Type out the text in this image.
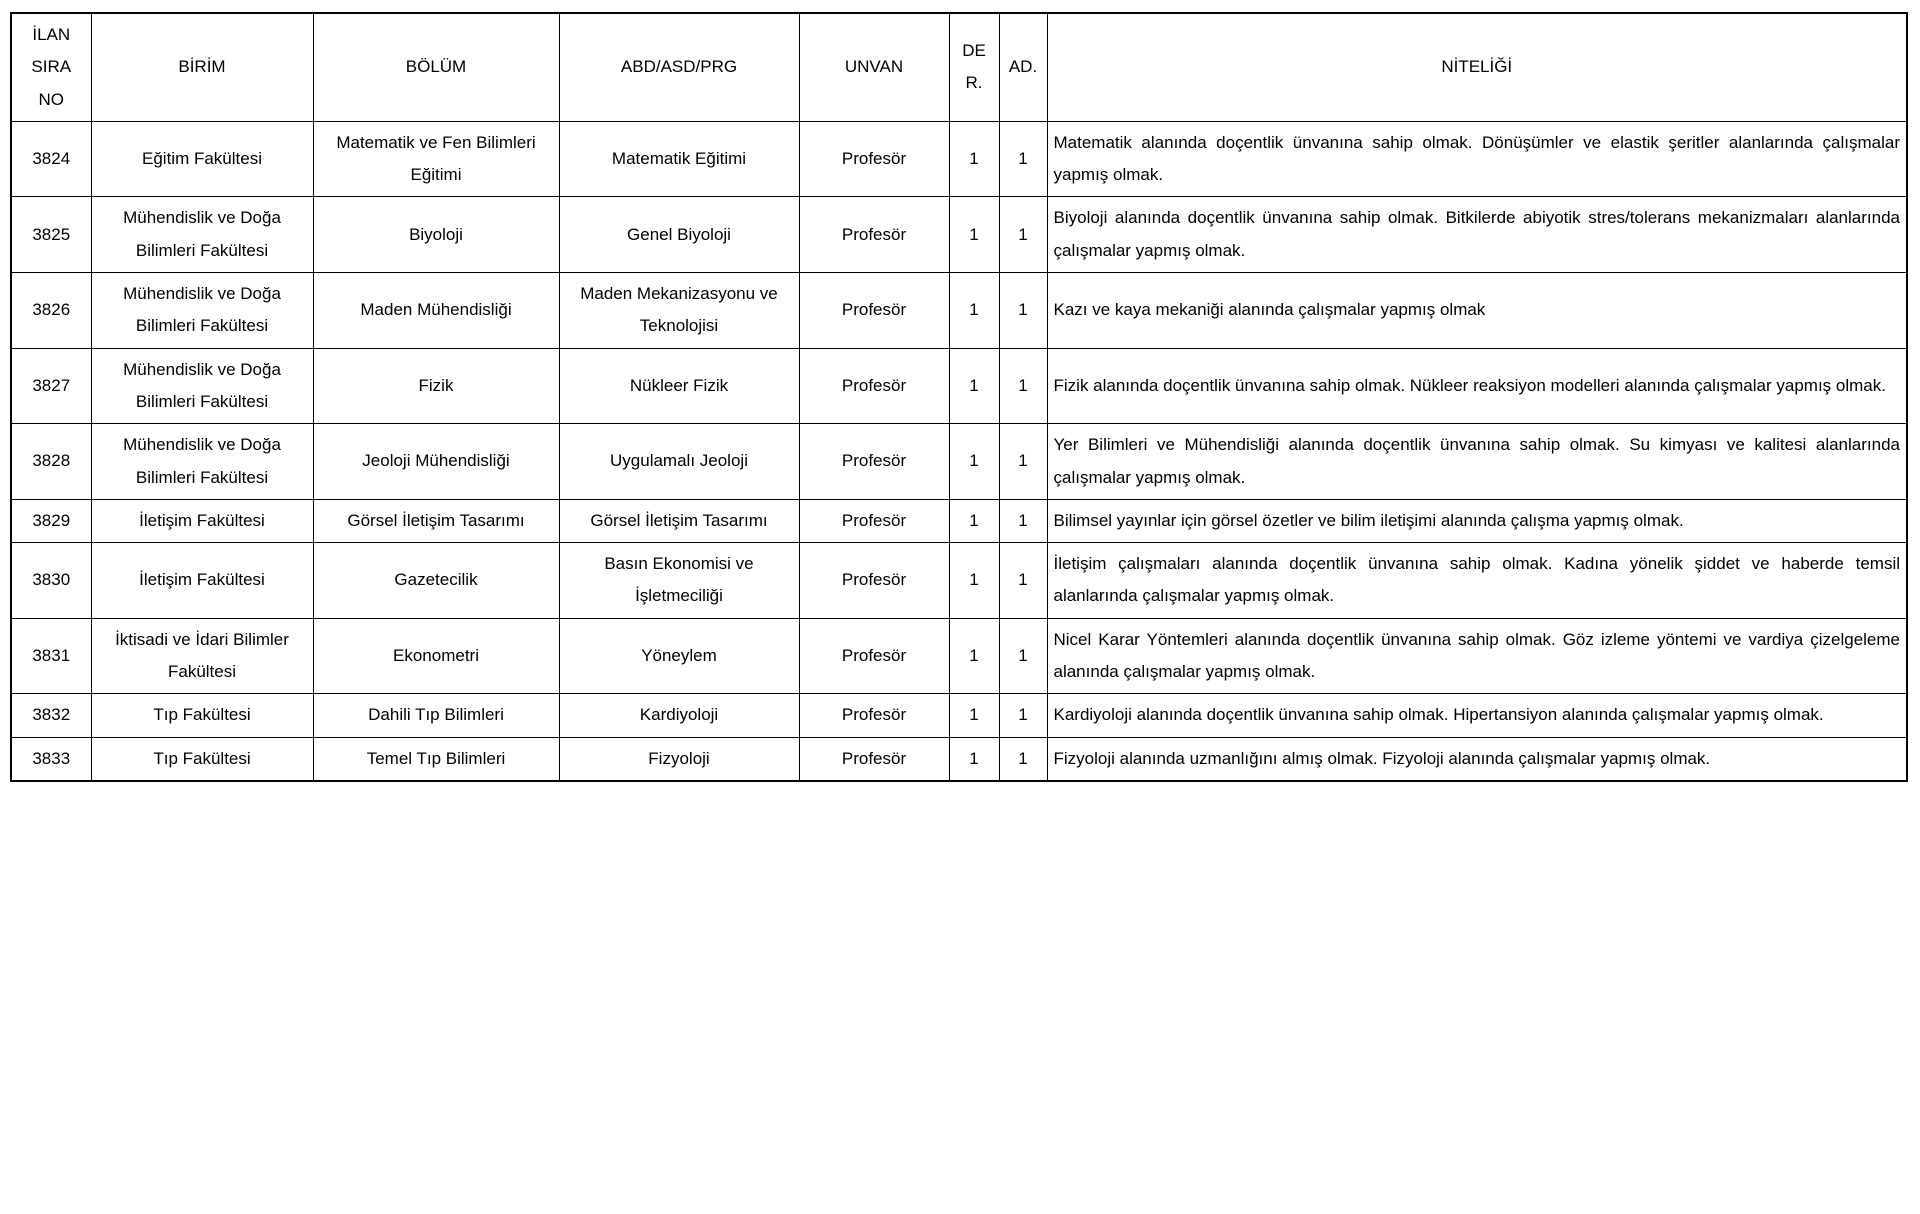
İLAN SIRA NO	BİRİM	BÖLÜM	ABD/ASD/PRG	UNVAN	DER.	AD.	NİTELİĞİ
3824	Eğitim Fakültesi	Matematik ve Fen Bilimleri Eğitimi	Matematik Eğitimi	Profesör	1	1	Matematik alanında doçentlik ünvanına sahip olmak. Dönüşümler ve elastik şeritler alanlarında çalışmalar yapmış olmak.
3825	Mühendislik ve Doğa Bilimleri Fakültesi	Biyoloji	Genel Biyoloji	Profesör	1	1	Biyoloji alanında doçentlik ünvanına sahip olmak. Bitkilerde abiyotik stres/tolerans mekanizmaları alanlarında çalışmalar yapmış olmak.
3826	Mühendislik ve Doğa Bilimleri Fakültesi	Maden Mühendisliği	Maden Mekanizasyonu ve Teknolojisi	Profesör	1	1	Kazı ve kaya mekaniği alanında çalışmalar yapmış olmak
3827	Mühendislik ve Doğa Bilimleri Fakültesi	Fizik	Nükleer Fizik	Profesör	1	1	Fizik alanında doçentlik ünvanına sahip olmak. Nükleer reaksiyon modelleri alanında çalışmalar yapmış olmak.
3828	Mühendislik ve Doğa Bilimleri Fakültesi	Jeoloji Mühendisliği	Uygulamalı Jeoloji	Profesör	1	1	Yer Bilimleri ve Mühendisliği alanında doçentlik ünvanına sahip olmak. Su kimyası ve kalitesi alanlarında çalışmalar yapmış olmak.
3829	İletişim Fakültesi	Görsel İletişim Tasarımı	Görsel İletişim Tasarımı	Profesör	1	1	Bilimsel yayınlar için görsel özetler ve bilim iletişimi alanında çalışma yapmış olmak.
3830	İletişim Fakültesi	Gazetecilik	Basın Ekonomisi ve İşletmeciliği	Profesör	1	1	İletişim çalışmaları alanında doçentlik ünvanına sahip olmak. Kadına yönelik şiddet ve haberde temsil alanlarında çalışmalar yapmış olmak.
3831	İktisadi ve İdari Bilimler Fakültesi	Ekonometri	Yöneylem	Profesör	1	1	Nicel Karar Yöntemleri alanında doçentlik ünvanına sahip olmak. Göz izleme yöntemi ve vardiya çizelgeleme alanında çalışmalar yapmış olmak.
3832	Tıp Fakültesi	Dahili Tıp Bilimleri	Kardiyoloji	Profesör	1	1	Kardiyoloji alanında doçentlik ünvanına sahip olmak. Hipertansiyon alanında çalışmalar yapmış olmak.
3833	Tıp Fakültesi	Temel Tıp Bilimleri	Fizyoloji	Profesör	1	1	Fizyoloji alanında uzmanlığını almış olmak. Fizyoloji alanında çalışmalar yapmış olmak.
